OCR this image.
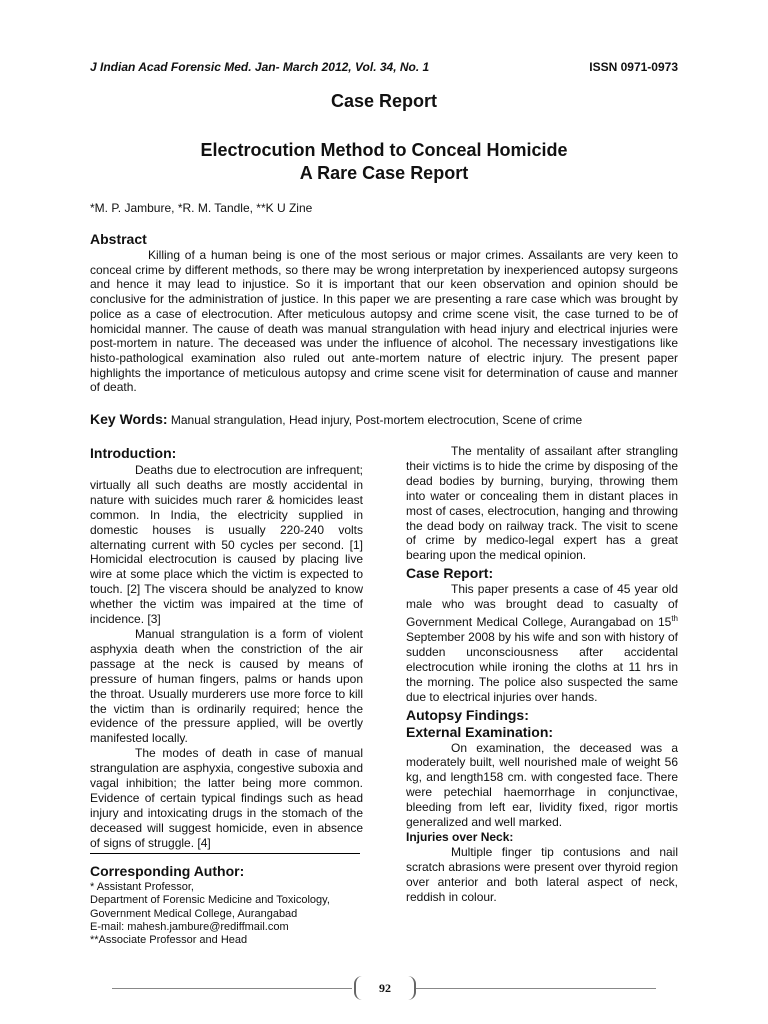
J Indian Acad Forensic Med. Jan- March 2012, Vol. 34, No. 1	ISSN 0971-0973
Case Report
Electrocution Method to Conceal Homicide
A Rare Case Report
*M. P. Jambure, *R. M. Tandle, **K U Zine
Abstract

Killing of a human being is one of the most serious or major crimes. Assailants are very keen to conceal crime by different methods, so there may be wrong interpretation by inexperienced autopsy surgeons and hence it may lead to injustice. So it is important that our keen observation and opinion should be conclusive for the administration of justice. In this paper we are presenting a rare case which was brought by police as a case of electrocution. After meticulous autopsy and crime scene visit, the case turned to be of homicidal manner. The cause of death was manual strangulation with head injury and electrical injuries were post-mortem in nature. The deceased was under the influence of alcohol. The necessary investigations like histo-pathological examination also ruled out ante-mortem nature of electric injury. The present paper highlights the importance of meticulous autopsy and crime scene visit for determination of cause and manner of death.

Key Words: Manual strangulation, Head injury, Post-mortem electrocution, Scene of crime
Introduction:

Deaths due to electrocution are infrequent; virtually all such deaths are mostly accidental in nature with suicides much rarer & homicides least common. In India, the electricity supplied in domestic houses is usually 220-240 volts alternating current with 50 cycles per second. [1] Homicidal electrocution is caused by placing live wire at some place which the victim is expected to touch. [2] The viscera should be analyzed to know whether the victim was impaired at the time of incidence. [3]

Manual strangulation is a form of violent asphyxia death when the constriction of the air passage at the neck is caused by means of pressure of human fingers, palms or hands upon the throat. Usually murderers use more force to kill the victim than is ordinarily required; hence the evidence of the pressure applied, will be overtly manifested locally.

The modes of death in case of manual strangulation are asphyxia, congestive suboxia and vagal inhibition; the latter being more common. Evidence of certain typical findings such as head injury and intoxicating drugs in the stomach of the deceased will suggest homicide, even in absence of signs of struggle. [4]

Corresponding Author:
* Assistant Professor,
Department of Forensic Medicine and Toxicology,
Government Medical College, Aurangabad
E-mail: mahesh.jambure@rediffmail.com
**Associate Professor and Head

The mentality of assailant after strangling their victims is to hide the crime by disposing of the dead bodies by burning, burying, throwing them into water or concealing them in distant places in most of cases, electrocution, hanging and throwing the dead body on railway track. The visit to scene of crime by medico-legal expert has a great bearing upon the medical opinion.

Case Report:

This paper presents a case of 45 year old male who was brought dead to casualty of Government Medical College, Aurangabad on 15th September 2008 by his wife and son with history of sudden unconsciousness after accidental electrocution while ironing the cloths at 11 hrs in the morning. The police also suspected the same due to electrical injuries over hands.

Autopsy Findings:
External Examination:

On examination, the deceased was a moderately built, well nourished male of weight 56 kg, and length158 cm. with congested face. There were petechial haemorrhage in conjunctivae, bleeding from left ear, lividity fixed, rigor mortis generalized and well marked.

Injuries over Neck:

Multiple finger tip contusions and nail scratch abrasions were present over thyroid region over anterior and both lateral aspect of neck, reddish in colour.

92
